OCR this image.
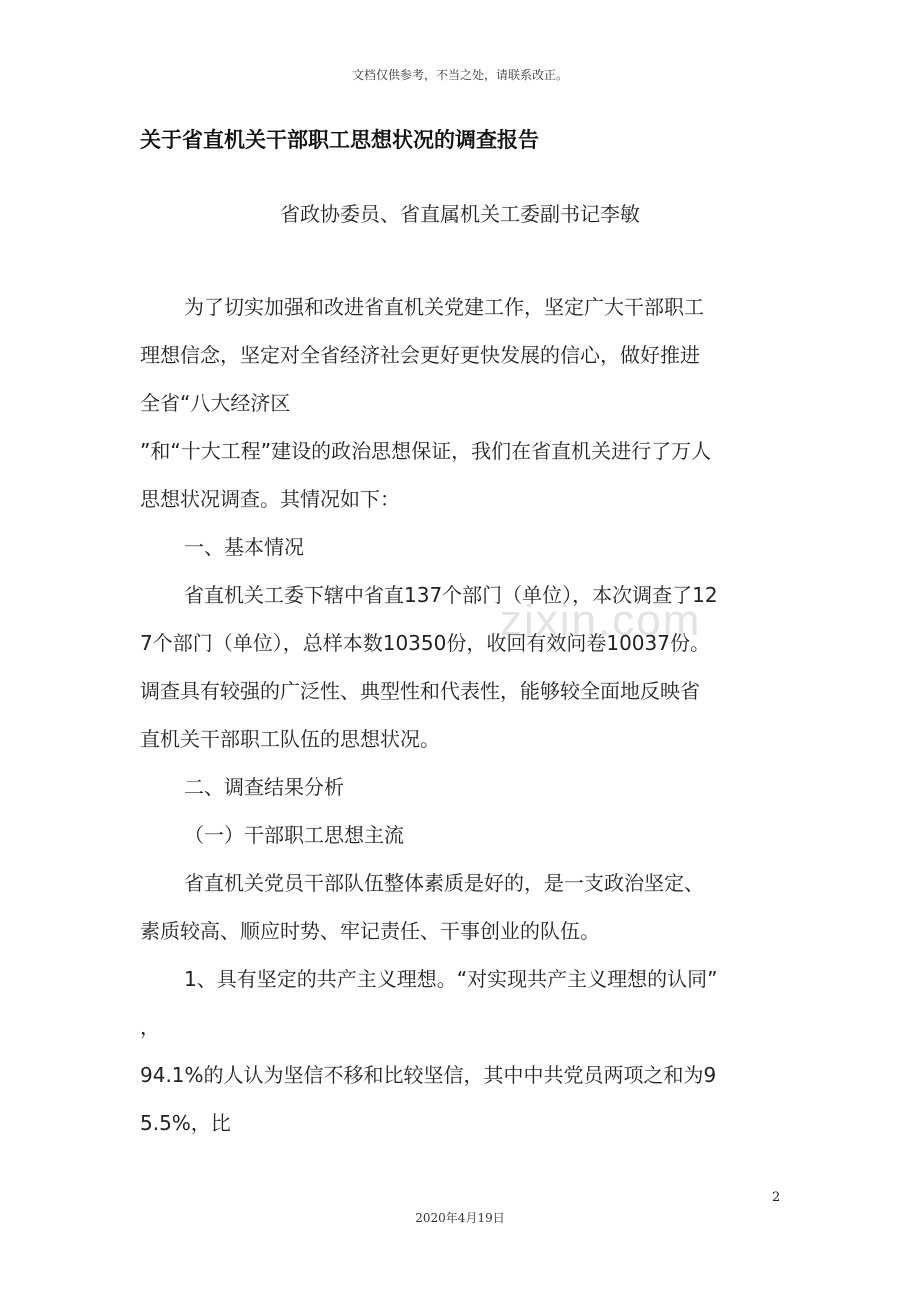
文档仅供参考，不当之处，请联系改正。
关于省直机关干部职工思想状况的调查报告
省政协委员、省直属机关工委副书记李敏
zixin.com
为了切实加强和改进省直机关党建工作，坚定广大干部职工
理想信念，坚定对全省经济社会更好更快发展的信心，做好推进
全省“八大经济区
”和“十大工程”建设的政治思想保证，我们在省直机关进行了万人
思想状况调查。其情况如下：
一、基本情况
省直机关工委下辖中省直137个部门（单位），本次调查了12
7个部门（单位），总样本数10350份，收回有效问卷10037份。
调查具有较强的广泛性、典型性和代表性，能够较全面地反映省
直机关干部职工队伍的思想状况。
二、调查结果分析
（一）干部职工思想主流
省直机关党员干部队伍整体素质是好的，是一支政治坚定、
素质较高、顺应时势、牢记责任、干事创业的队伍。
1、具有坚定的共产主义理想。“对实现共产主义理想的认同”
，
94.1%的人认为坚信不移和比较坚信，其中中共党员两项之和为9
5.5%，比
2
2020年4月19日
